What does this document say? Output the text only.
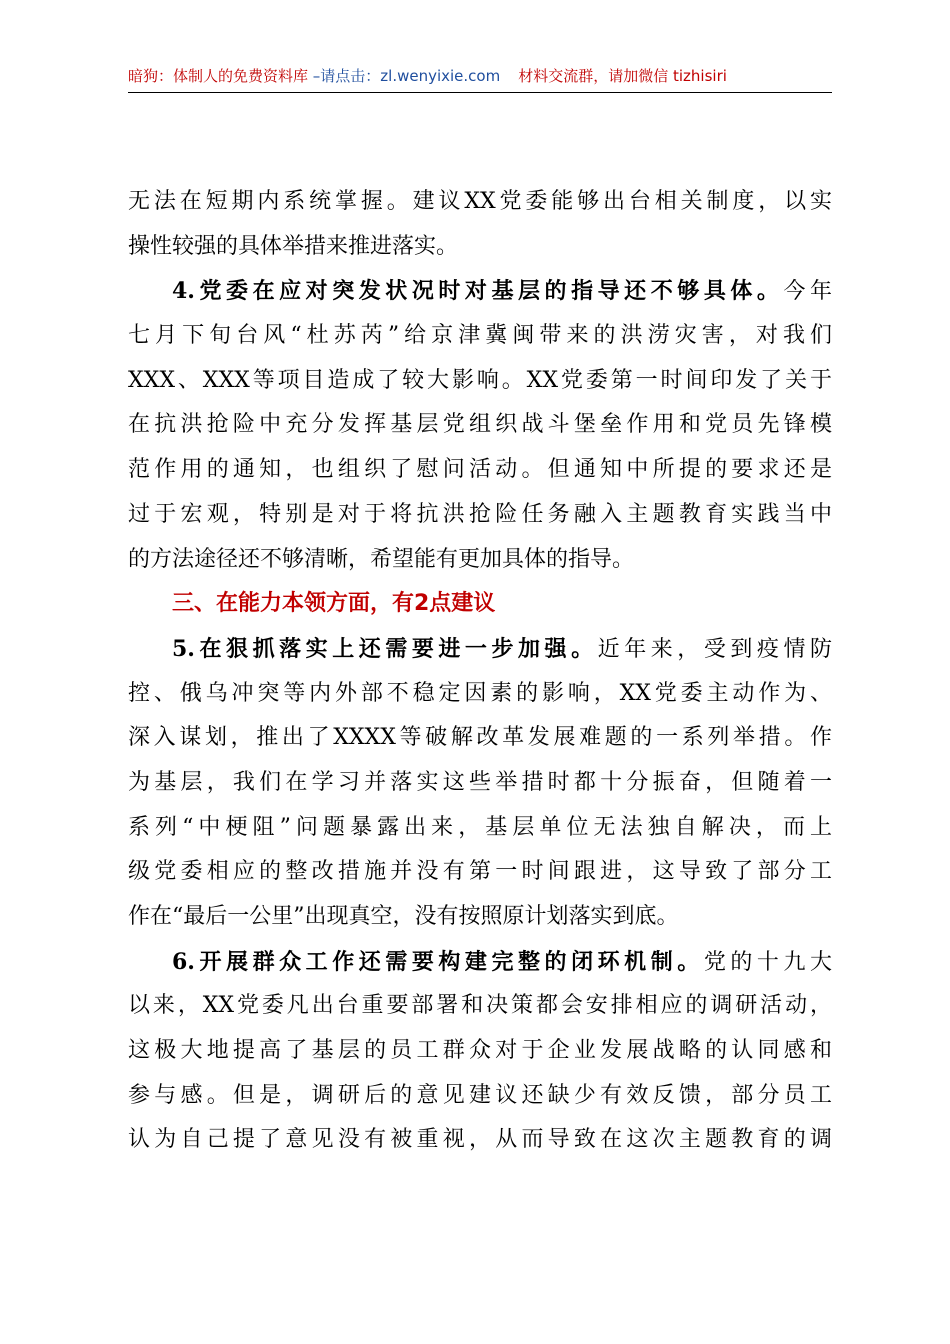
暗狗：体制人的免费资料库 –请点击：zl.wenyixie.com 材料交流群，请加微信 tizhisiri
无法在短期内系统掌握。建议XX党委能够出台相关制度，以实
操性较强的具体举措来推进落实。
4.党委在应对突发状况时对基层的指导还不够具体。今年
七月下旬台风“杜苏芮”给京津冀闽带来的洪涝灾害，对我们
XXX、XXX等项目造成了较大影响。XX党委第一时间印发了关于
在抗洪抢险中充分发挥基层党组织战斗堡垒作用和党员先锋模
范作用的通知，也组织了慰问活动。但通知中所提的要求还是
过于宏观，特别是对于将抗洪抢险任务融入主题教育实践当中
的方法途径还不够清晰，希望能有更加具体的指导。
三、在能力本领方面，有2点建议
5.在狠抓落实上还需要进一步加强。近年来，受到疫情防
控、俄乌冲突等内外部不稳定因素的影响，XX党委主动作为、
深入谋划，推出了XXXX等破解改革发展难题的一系列举措。作
为基层，我们在学习并落实这些举措时都十分振奋，但随着一
系列“中梗阻”问题暴露出来，基层单位无法独自解决，而上
级党委相应的整改措施并没有第一时间跟进，这导致了部分工
作在“最后一公里”出现真空，没有按照原计划落实到底。
6.开展群众工作还需要构建完整的闭环机制。党的十九大
以来，XX党委凡出台重要部署和决策都会安排相应的调研活动，
这极大地提高了基层的员工群众对于企业发展战略的认同感和
参与感。但是，调研后的意见建议还缺少有效反馈，部分员工
认为自己提了意见没有被重视，从而导致在这次主题教育的调
